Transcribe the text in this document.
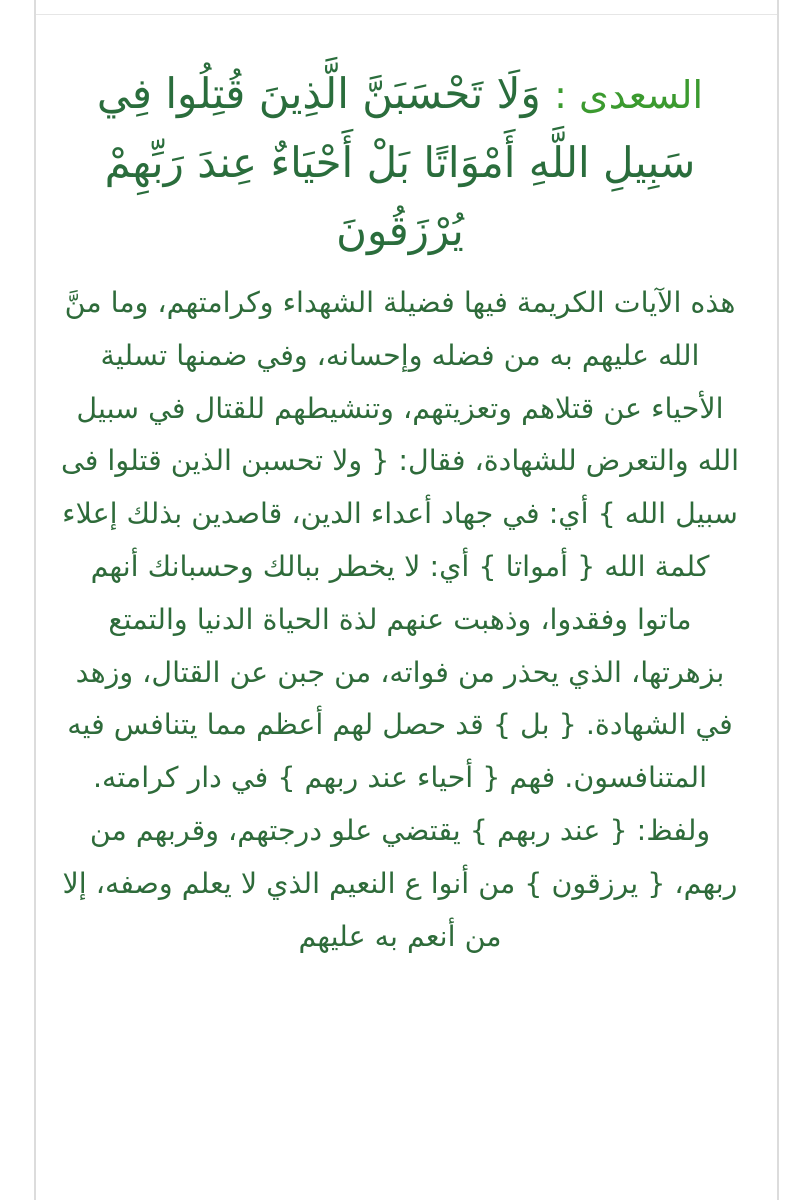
السعدى : وَلَا تَحْسَبَنَّ الَّذِينَ قُتِلُوا فِي سَبِيلِ اللَّهِ أَمْوَاتًا بَلْ أَحْيَاءٌ عِندَ رَبِّهِمْ يُرْزَقُونَ

هذه الآيات الكريمة فيها فضيلة الشهداء وكرامتهم، وما منَّ الله عليهم به من فضله وإحسانه، وفي ضمنها تسلية الأحياء عن قتلاهم وتعزيتهم، وتنشيطهم للقتال في سبيل الله والتعرض للشهادة، فقال: { ولا تحسبن الذين قتلوا فى سبيل الله } أي: في جهاد أعداء الدين، قاصدين بذلك إعلاء كلمة الله { أمواتا } أي: لا يخطر ببالك وحسبانك أنهم ماتوا وفقدوا، وذهبت عنهم لذة الحياة الدنيا والتمتع بزهرتها، الذي يحذر من فواته، من جبن عن القتال، وزهد في الشهادة. { بل } قد حصل لهم أعظم مما يتنافس فيه المتنافسون. فهم { أحياء عند ربهم } في دار كرامته. ولفظ: { عند ربهم } يقتضي علو درجتهم، وقربهم من ربهم، { يرزقون } من أنوا ع النعيم الذي لا يعلم وصفه، إلا من أنعم به عليهم
